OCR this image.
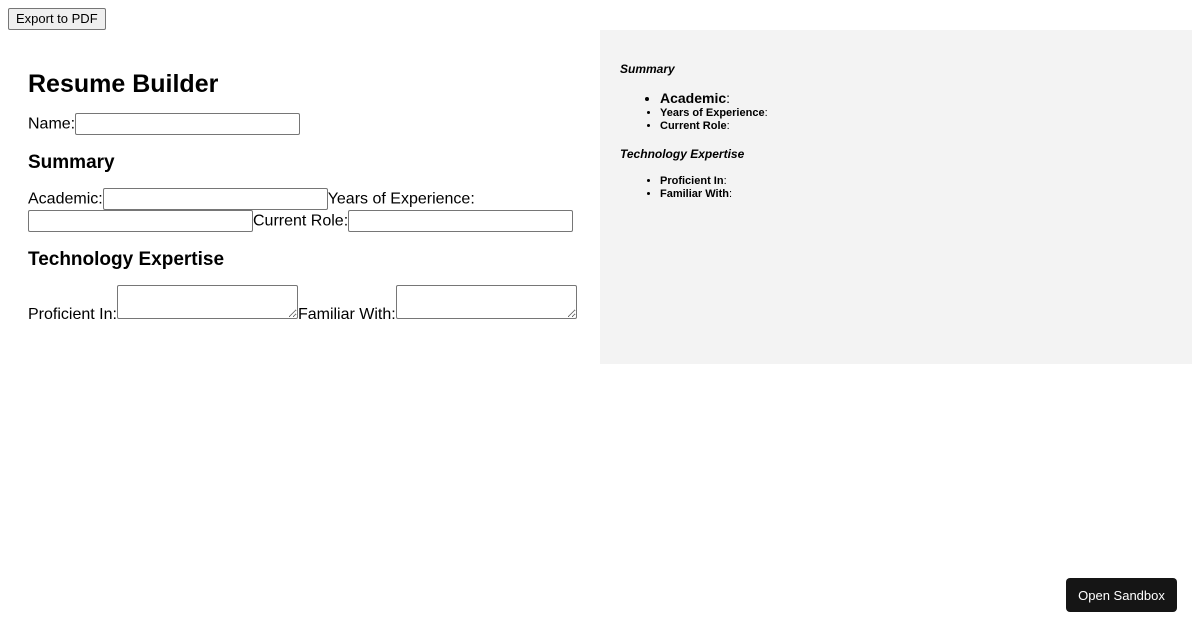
Export to PDF
Resume Builder
Name:
Summary
Academic:	Years of Experience:Current Role:
Technology Expertise
Proficient In:	Familiar With:
Summary
• Academic:
• Years of Experience:
• Current Role:
Technology Expertise
• Proficient In:
• Familiar With:
Open Sandbox
